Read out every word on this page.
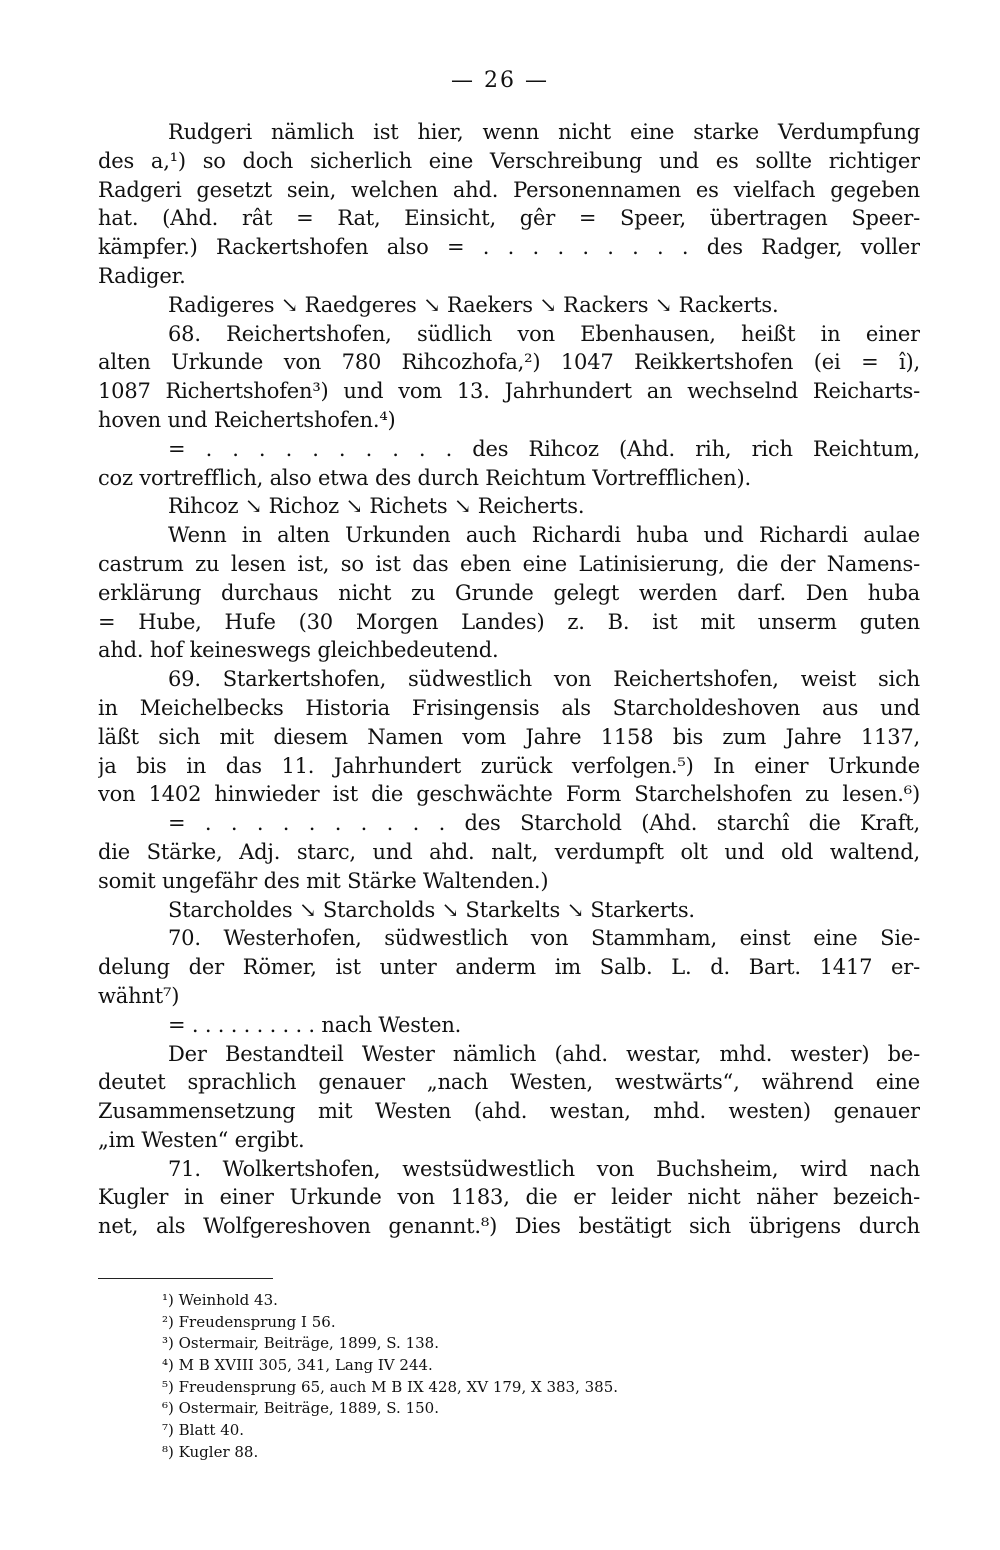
— 26 —
Rudgeri nämlich ist hier, wenn nicht eine starke Verdumpfung
des a,¹) so doch sicherlich eine Verschreibung und es sollte richtiger
Radgeri gesetzt sein, welchen ahd. Personennamen es vielfach gegeben
hat. (Ahd. rât = Rat, Einsicht, gêr = Speer, übertragen Speer-
kämpfer.) Rackertshofen also = . . . . . . . . . des Radger, voller
Radiger.
Radigeres ↘ Raedgeres ↘ Raekers ↘ Rackers ↘ Rackerts.
68. Reichertshofen, südlich von Ebenhausen, heißt in einer
alten Urkunde von 780 Rihcozhofa,²) 1047 Reikkertshofen (ei = î),
1087 Richertshofen³) und vom 13. Jahrhundert an wechselnd Reicharts-
hoven und Reichertshofen.⁴)
= . . . . . . . . . . des Rihcoz (Ahd. rih, rich Reichtum,
coz vortrefflich, also etwa des durch Reichtum Vortrefflichen).
Rihcoz ↘ Richoz ↘ Richets ↘ Reicherts.
Wenn in alten Urkunden auch Richardi huba und Richardi aulae
castrum zu lesen ist, so ist das eben eine Latinisierung, die der Namens-
erklärung durchaus nicht zu Grunde gelegt werden darf. Den huba
= Hube, Hufe (30 Morgen Landes) z. B. ist mit unserm guten
ahd. hof keineswegs gleichbedeutend.
69. Starkertshofen, südwestlich von Reichertshofen, weist sich
in Meichelbecks Historia Frisingensis als Starcholdeshoven aus und
läßt sich mit diesem Namen vom Jahre 1158 bis zum Jahre 1137,
ja bis in das 11. Jahrhundert zurück verfolgen.⁵) In einer Urkunde
von 1402 hinwieder ist die geschwächte Form Starchelshofen zu lesen.⁶)
= . . . . . . . . . . des Starchold (Ahd. starchî die Kraft,
die Stärke, Adj. starc, und ahd. nalt, verdumpft olt und old waltend,
somit ungefähr des mit Stärke Waltenden.)
Starcholdes ↘ Starcholds ↘ Starkelts ↘ Starkerts.
70. Westerhofen, südwestlich von Stammham, einst eine Sie-
delung der Römer, ist unter anderm im Salb. L. d. Bart. 1417 er-
wähnt⁷)
= . . . . . . . . . . nach Westen.
Der Bestandteil Wester nämlich (ahd. westar, mhd. wester) be-
deutet sprachlich genauer „nach Westen, westwärts“, während eine
Zusammensetzung mit Westen (ahd. westan, mhd. westen) genauer
„im Westen“ ergibt.
71. Wolkertshofen, westsüdwestlich von Buchsheim, wird nach
Kugler in einer Urkunde von 1183, die er leider nicht näher bezeich-
net, als Wolfgereshoven genannt.⁸) Dies bestätigt sich übrigens durch
¹) Weinhold 43.
²) Freudensprung I 56.
³) Ostermair, Beiträge, 1899, S. 138.
⁴) M B XVIII 305, 341, Lang IV 244.
⁵) Freudensprung 65, auch M B IX 428, XV 179, X 383, 385.
⁶) Ostermair, Beiträge, 1889, S. 150.
⁷) Blatt 40.
⁸) Kugler 88.
